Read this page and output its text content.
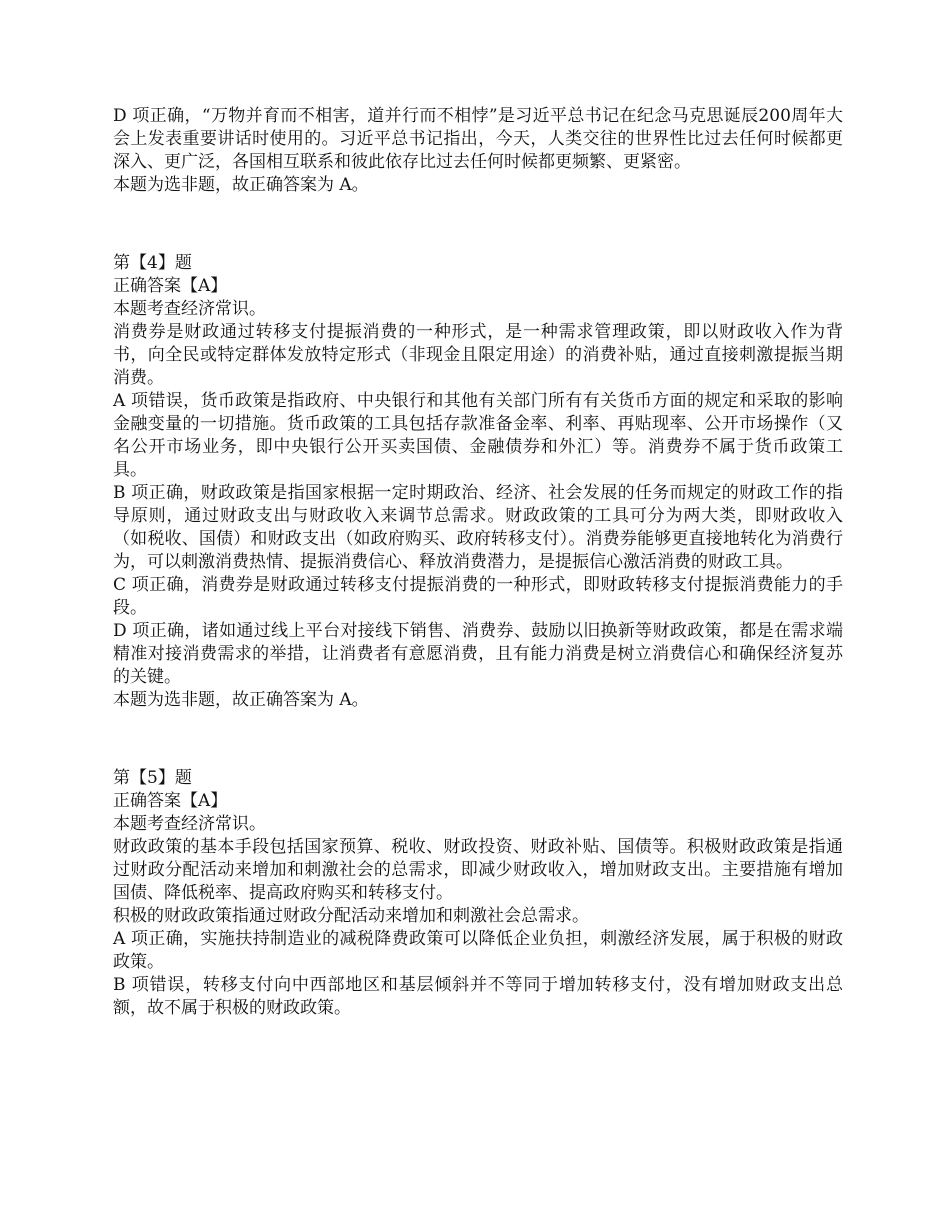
D 项正确，“万物并育而不相害，道并行而不相悖”是习近平总书记在纪念马克思诞辰200周年大会上发表重要讲话时使用的。习近平总书记指出，今天，人类交往的世界性比过去任何时候都更深入、更广泛，各国相互联系和彼此依存比过去任何时候都更频繁、更紧密。

本题为选非题，故正确答案为 A。

第【4】题

正确答案【A】

本题考查经济常识。

消费券是财政通过转移支付提振消费的一种形式，是一种需求管理政策，即以财政收入作为背书，向全民或特定群体发放特定形式（非现金且限定用途）的消费补贴，通过直接刺激提振当期消费。

A 项错误，货币政策是指政府、中央银行和其他有关部门所有有关货币方面的规定和采取的影响金融变量的一切措施。货币政策的工具包括存款准备金率、利率、再贴现率、公开市场操作（又名公开市场业务，即中央银行公开买卖国债、金融债券和外汇）等。消费券不属于货币政策工具。

B 项正确，财政政策是指国家根据一定时期政治、经济、社会发展的任务而规定的财政工作的指导原则，通过财政支出与财政收入来调节总需求。财政政策的工具可分为两大类，即财政收入（如税收、国债）和财政支出（如政府购买、政府转移支付）。消费券能够更直接地转化为消费行为，可以刺激消费热情、提振消费信心、释放消费潜力，是提振信心激活消费的财政工具。

C 项正确，消费券是财政通过转移支付提振消费的一种形式，即财政转移支付提振消费能力的手段。

D 项正确，诸如通过线上平台对接线下销售、消费券、鼓励以旧换新等财政政策，都是在需求端精准对接消费需求的举措，让消费者有意愿消费，且有能力消费是树立消费信心和确保经济复苏的关键。

本题为选非题，故正确答案为 A。

第【5】题

正确答案【A】

本题考查经济常识。

财政政策的基本手段包括国家预算、税收、财政投资、财政补贴、国债等。积极财政政策是指通过财政分配活动来增加和刺激社会的总需求，即减少财政收入，增加财政支出。主要措施有增加国债、降低税率、提高政府购买和转移支付。

积极的财政政策指通过财政分配活动来增加和刺激社会总需求。

A 项正确，实施扶持制造业的减税降费政策可以降低企业负担，刺激经济发展，属于积极的财政政策。

B 项错误，转移支付向中西部地区和基层倾斜并不等同于增加转移支付，没有增加财政支出总额，故不属于积极的财政政策。
